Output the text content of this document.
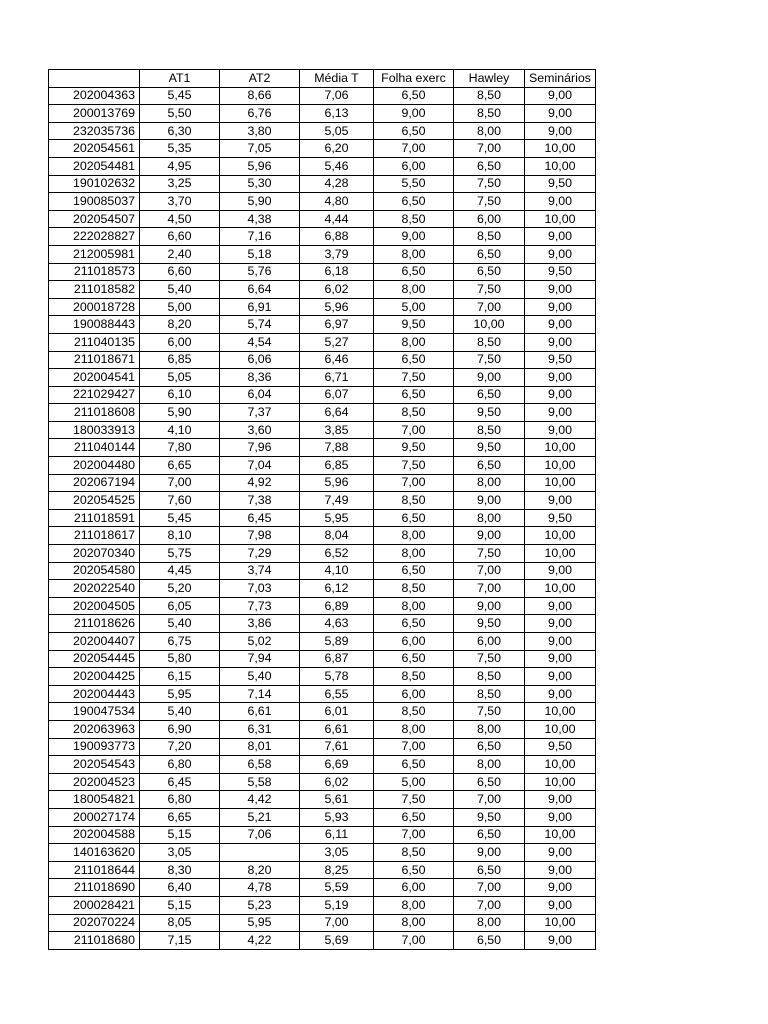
	AT1	AT2	Média T	Folha exerc	Hawley	Seminários
202004363	5,45	8,66	7,06	6,50	8,50	9,00
200013769	5,50	6,76	6,13	9,00	8,50	9,00
232035736	6,30	3,80	5,05	6,50	8,00	9,00
202054561	5,35	7,05	6,20	7,00	7,00	10,00
202054481	4,95	5,96	5,46	6,00	6,50	10,00
190102632	3,25	5,30	4,28	5,50	7,50	9,50
190085037	3,70	5,90	4,80	6,50	7,50	9,00
202054507	4,50	4,38	4,44	8,50	6,00	10,00
222028827	6,60	7,16	6,88	9,00	8,50	9,00
212005981	2,40	5,18	3,79	8,00	6,50	9,00
211018573	6,60	5,76	6,18	6,50	6,50	9,50
211018582	5,40	6,64	6,02	8,00	7,50	9,00
200018728	5,00	6,91	5,96	5,00	7,00	9,00
190088443	8,20	5,74	6,97	9,50	10,00	9,00
211040135	6,00	4,54	5,27	8,00	8,50	9,00
211018671	6,85	6,06	6,46	6,50	7,50	9,50
202004541	5,05	8,36	6,71	7,50	9,00	9,00
221029427	6,10	6,04	6,07	6,50	6,50	9,00
211018608	5,90	7,37	6,64	8,50	9,50	9,00
180033913	4,10	3,60	3,85	7,00	8,50	9,00
211040144	7,80	7,96	7,88	9,50	9,50	10,00
202004480	6,65	7,04	6,85	7,50	6,50	10,00
202067194	7,00	4,92	5,96	7,00	8,00	10,00
202054525	7,60	7,38	7,49	8,50	9,00	9,00
211018591	5,45	6,45	5,95	6,50	8,00	9,50
211018617	8,10	7,98	8,04	8,00	9,00	10,00
202070340	5,75	7,29	6,52	8,00	7,50	10,00
202054580	4,45	3,74	4,10	6,50	7,00	9,00
202022540	5,20	7,03	6,12	8,50	7,00	10,00
202004505	6,05	7,73	6,89	8,00	9,00	9,00
211018626	5,40	3,86	4,63	6,50	9,50	9,00
202004407	6,75	5,02	5,89	6,00	6,00	9,00
202054445	5,80	7,94	6,87	6,50	7,50	9,00
202004425	6,15	5,40	5,78	8,50	8,50	9,00
202004443	5,95	7,14	6,55	6,00	8,50	9,00
190047534	5,40	6,61	6,01	8,50	7,50	10,00
202063963	6,90	6,31	6,61	8,00	8,00	10,00
190093773	7,20	8,01	7,61	7,00	6,50	9,50
202054543	6,80	6,58	6,69	6,50	8,00	10,00
202004523	6,45	5,58	6,02	5,00	6,50	10,00
180054821	6,80	4,42	5,61	7,50	7,00	9,00
200027174	6,65	5,21	5,93	6,50	9,50	9,00
202004588	5,15	7,06	6,11	7,00	6,50	10,00
140163620	3,05		3,05	8,50	9,00	9,00
211018644	8,30	8,20	8,25	6,50	6,50	9,00
211018690	6,40	4,78	5,59	6,00	7,00	9,00
200028421	5,15	5,23	5,19	8,00	7,00	9,00
202070224	8,05	5,95	7,00	8,00	8,00	10,00
211018680	7,15	4,22	5,69	7,00	6,50	9,00
